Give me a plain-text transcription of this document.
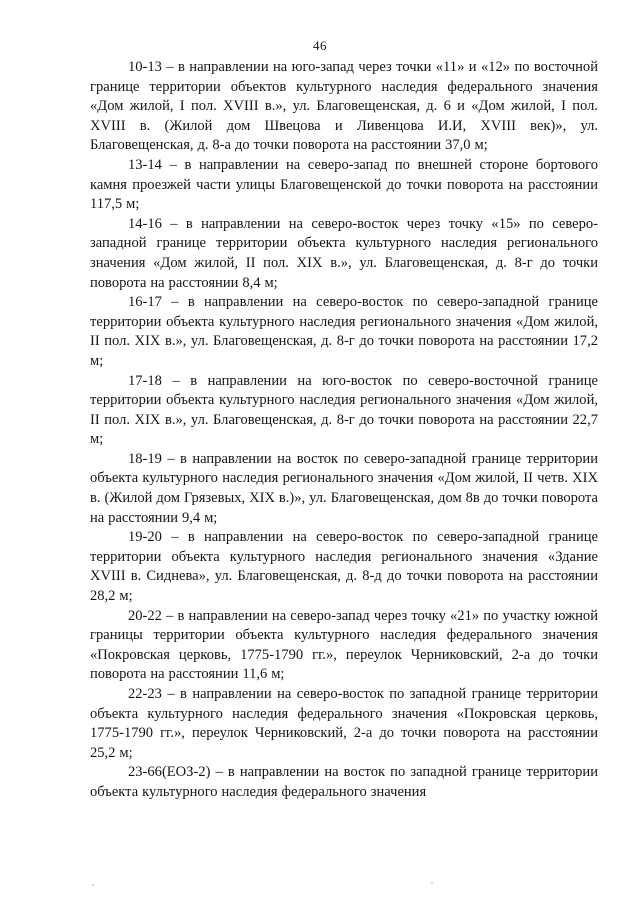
46

10-13 – в направлении на юго-запад через точки «11» и «12» по восточной границе территории объектов культурного наследия федерального значения «Дом жилой, I пол. XVIII в.», ул. Благовещенская, д. 6 и «Дом жилой, I пол. XVIII в. (Жилой дом Швецова и Ливенцова И.И, XVIII век)», ул. Благовещенская, д. 8-а до точки поворота на расстоянии 37,0 м;

13-14 – в направлении на северо-запад по внешней стороне бортового камня проезжей части улицы Благовещенской до точки поворота на расстоянии 117,5 м;

14-16 – в направлении на северо-восток через точку «15» по северо-западной границе территории объекта культурного наследия регионального значения «Дом жилой, II пол. XIX в.», ул. Благовещенская, д. 8-г до точки поворота на расстоянии 8,4 м;

16-17 – в направлении на северо-восток по северо-западной границе территории объекта культурного наследия регионального значения «Дом жилой, II пол. XIX в.», ул. Благовещенская, д. 8-г до точки поворота на расстоянии 17,2 м;

17-18 – в направлении на юго-восток по северо-восточной границе территории объекта культурного наследия регионального значения «Дом жилой, II пол. XIX в.», ул. Благовещенская, д. 8-г до точки поворота на расстоянии 22,7 м;

18-19 – в направлении на восток по северо-западной границе территории объекта культурного наследия регионального значения «Дом жилой, II четв. XIX в. (Жилой дом Грязевых, XIX в.)», ул. Благовещенская, дом 8в до точки поворота на расстоянии 9,4 м;

19-20 – в направлении на северо-восток по северо-западной границе территории объекта культурного наследия регионального значения «Здание XVIII в. Сиднева», ул. Благовещенская, д. 8-д до точки поворота на расстоянии 28,2 м;

20-22 – в направлении на северо-запад через точку «21» по участку южной границы территории объекта культурного наследия федерального значения «Покровская церковь, 1775-1790 гг.», переулок Черниковский, 2-а до точки поворота на расстоянии 11,6 м;

22-23 – в направлении на северо-восток по западной границе территории объекта культурного наследия федерального значения «Покровская церковь, 1775-1790 гг.», переулок Черниковский, 2-а до точки поворота на расстоянии 25,2 м;

23-66(ЕОЗ-2) – в направлении на восток по западной границе территории объекта культурного наследия федерального значения
